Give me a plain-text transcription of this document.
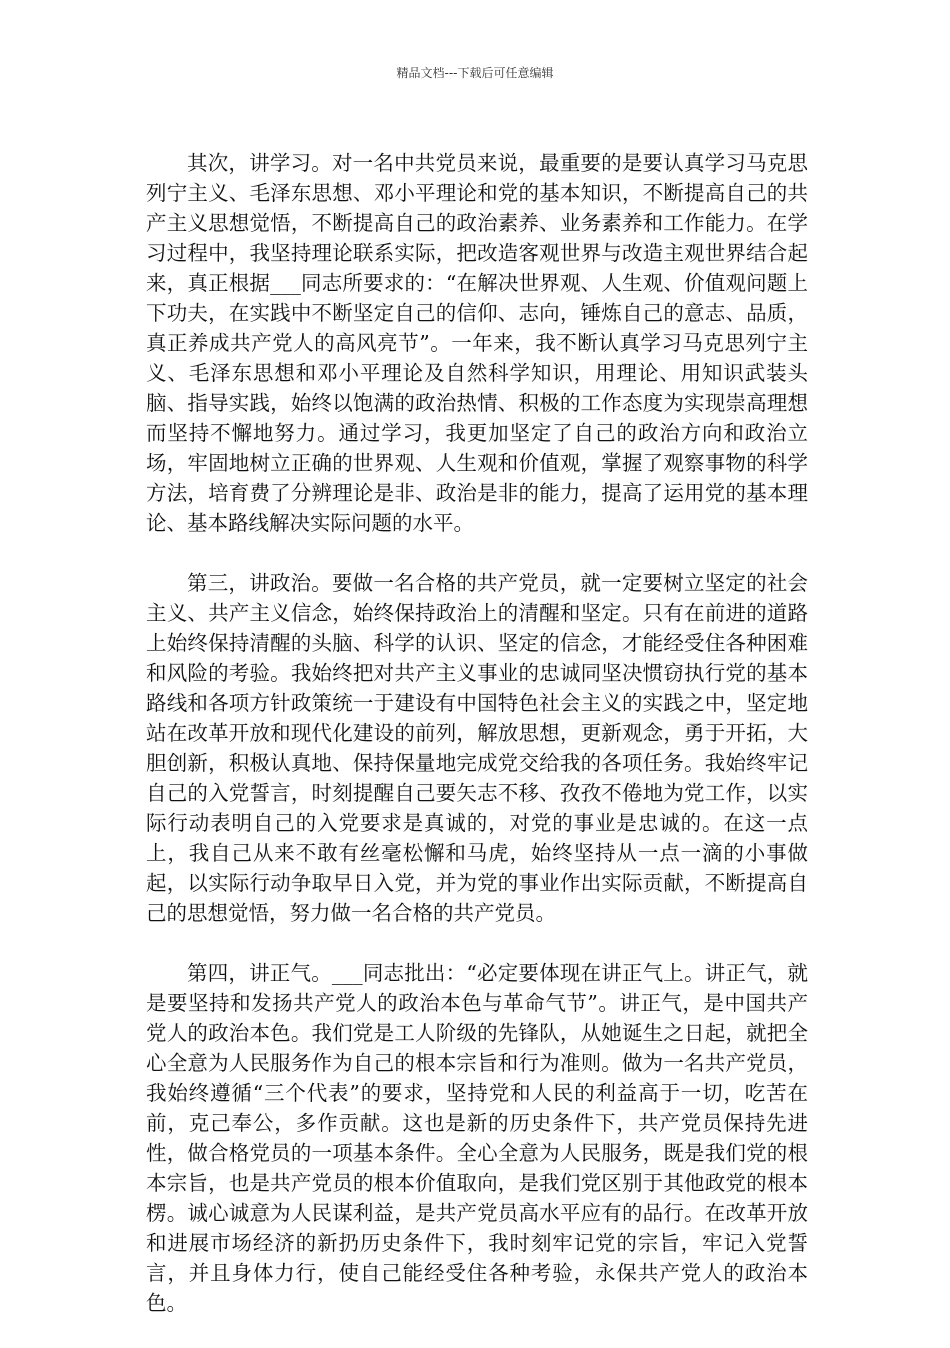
精品文档---下载后可任意编辑

其次，讲学习。对一名中共党员来说，最重要的是要认真学习马克思列宁主义、毛泽东思想、邓小平理论和党的基本知识，不断提高自己的共产主义思想觉悟，不断提高自己的政治素养、业务素养和工作能力。在学习过程中，我坚持理论联系实际，把改造客观世界与改造主观世界结合起来，真正根据___同志所要求的：“在解决世界观、人生观、价值观问题上下功夫，在实践中不断坚定自己的信仰、志向，锤炼自己的意志、品质，真正养成共产党人的高风亮节”。一年来，我不断认真学习马克思列宁主义、毛泽东思想和邓小平理论及自然科学知识，用理论、用知识武装头脑、指导实践，始终以饱满的政治热情、积极的工作态度为实现崇高理想而坚持不懈地努力。通过学习，我更加坚定了自己的政治方向和政治立场，牢固地树立正确的世界观、人生观和价值观，掌握了观察事物的科学方法，培育费了分辨理论是非、政治是非的能力，提高了运用党的基本理论、基本路线解决实际问题的水平。

第三，讲政治。要做一名合格的共产党员，就一定要树立坚定的社会主义、共产主义信念，始终保持政治上的清醒和坚定。只有在前进的道路上始终保持清醒的头脑、科学的认识、坚定的信念，才能经受住各种困难和风险的考验。我始终把对共产主义事业的忠诚同坚决惯窃执行党的基本路线和各项方针政策统一于建设有中国特色社会主义的实践之中，坚定地站在改革开放和现代化建设的前列，解放思想，更新观念，勇于开拓，大胆创新，积极认真地、保持保量地完成党交给我的各项任务。我始终牢记自己的入党誓言，时刻提醒自己要矢志不移、孜孜不倦地为党工作，以实际行动表明自己的入党要求是真诚的，对党的事业是忠诚的。在这一点上，我自己从来不敢有丝毫松懈和马虎，始终坚持从一点一滴的小事做起，以实际行动争取早日入党，并为党的事业作出实际贡献，不断提高自己的思想觉悟，努力做一名合格的共产党员。

第四，讲正气。___同志批出：“必定要体现在讲正气上。讲正气，就是要坚持和发扬共产党人的政治本色与革命气节”。讲正气，是中国共产党人的政治本色。我们党是工人阶级的先锋队，从她诞生之日起，就把全心全意为人民服务作为自己的根本宗旨和行为准则。做为一名共产党员，我始终遵循“三个代表”的要求，坚持党和人民的利益高于一切，吃苦在前，克己奉公，多作贡献。这也是新的历史条件下，共产党员保持先进性，做合格党员的一项基本条件。全心全意为人民服务，既是我们党的根本宗旨，也是共产党员的根本价值取向，是我们党区别于其他政党的根本楞。诚心诚意为人民谋利益，是共产党员高水平应有的品行。在改革开放和进展市场经济的新扔历史条件下，我时刻牢记党的宗旨，牢记入党誓言，并且身体力行，使自己能经受住各种考验，永保共产党人的政治本色。
